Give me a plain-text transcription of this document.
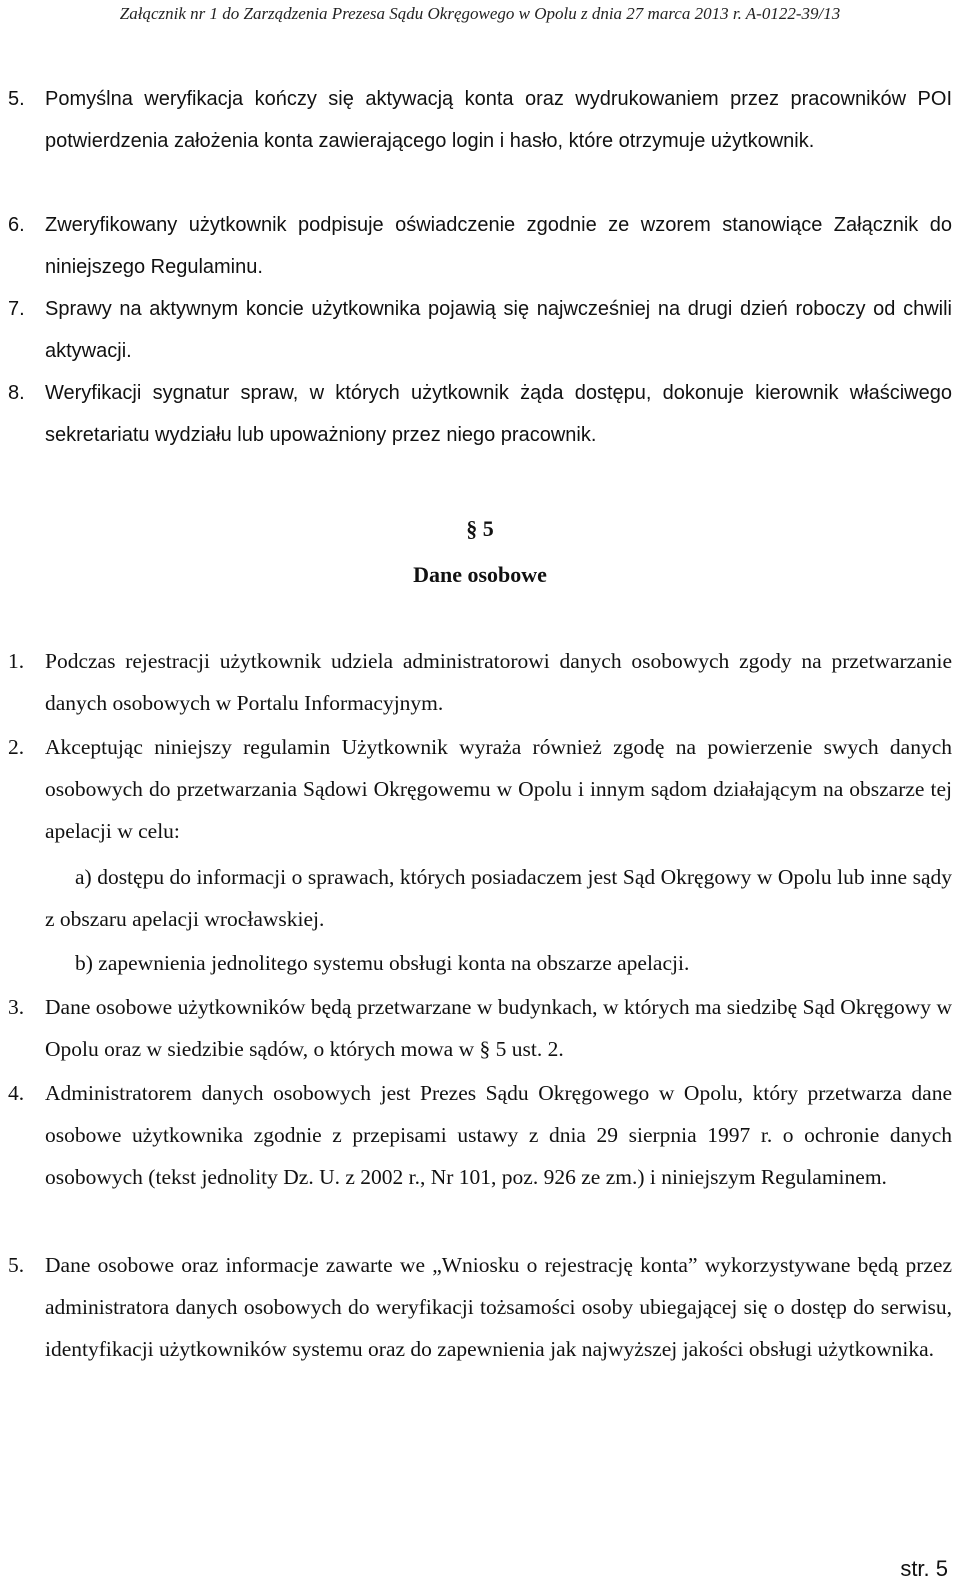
Załącznik nr 1 do Zarządzenia Prezesa Sądu Okręgowego w Opolu z dnia 27 marca 2013 r. A-0122-39/13
5. Pomyślna weryfikacja kończy się aktywacją konta oraz wydrukowaniem przez pracowników POI potwierdzenia założenia konta zawierającego login i hasło, które otrzymuje użytkownik.
6. Zweryfikowany użytkownik podpisuje oświadczenie zgodnie ze wzorem stanowiące Załącznik do niniejszego Regulaminu.
7. Sprawy na aktywnym koncie użytkownika pojawią się najwcześniej na drugi dzień roboczy od chwili aktywacji.
8. Weryfikacji sygnatur spraw, w których użytkownik żąda dostępu, dokonuje kierownik właściwego sekretariatu wydziału lub upoważniony przez niego pracownik.
§ 5
Dane osobowe
1. Podczas rejestracji użytkownik udziela administratorowi danych osobowych zgody na przetwarzanie danych osobowych w Portalu Informacyjnym.
2. Akceptując niniejszy regulamin Użytkownik wyraża również zgodę na powierzenie swych danych osobowych do przetwarzania Sądowi Okręgowemu w Opolu i innym sądom działającym na obszarze tej apelacji w celu:
a) dostępu do informacji o sprawach, których posiadaczem jest Sąd Okręgowy w Opolu lub inne sądy z obszaru apelacji wrocławskiej.
b) zapewnienia jednolitego systemu obsługi konta na obszarze apelacji.
3. Dane osobowe użytkowników będą przetwarzane w budynkach, w których ma siedzibę Sąd Okręgowy w Opolu oraz w siedzibie sądów, o których mowa w § 5 ust. 2.
4. Administratorem danych osobowych jest Prezes Sądu Okręgowego w Opolu, który przetwarza dane osobowe użytkownika zgodnie z przepisami ustawy z dnia 29 sierpnia 1997 r. o ochronie danych osobowych (tekst jednolity Dz. U. z 2002 r., Nr 101, poz. 926 ze zm.) i niniejszym Regulaminem.
5. Dane osobowe oraz informacje zawarte we „Wniosku o rejestrację konta” wykorzystywane będą przez administratora danych osobowych do weryfikacji tożsamości osoby ubiegającej się o dostęp do serwisu, identyfikacji użytkowników systemu oraz do zapewnienia jak najwyższej jakości obsługi użytkownika.
str. 5
